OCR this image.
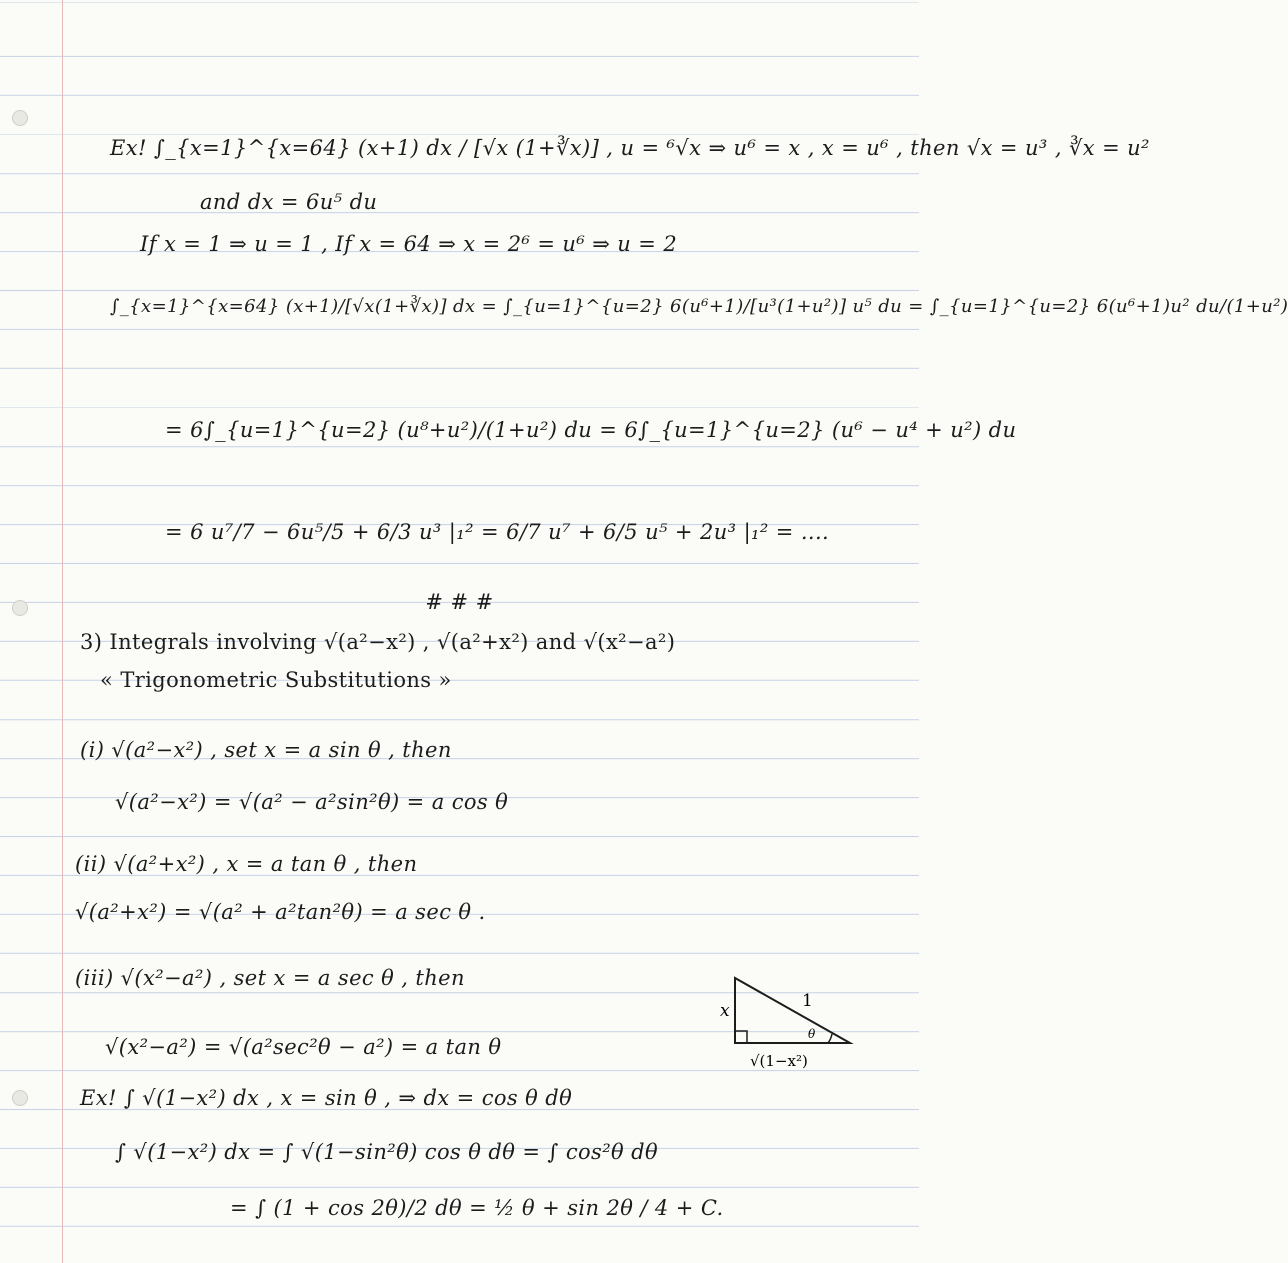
Ex! ∫_{x=1}^{x=64} (x+1) dx / [√x (1+∛x)] , u = ⁶√x ⇒ u⁶ = x , x = u⁶ , then √x = u³ , ∛x = u²
and dx = 6u⁵ du
If x = 1 ⇒ u = 1 , If x = 64 ⇒ x = 2⁶ = u⁶ ⇒ u = 2
∫_{x=1}^{x=64} (x+1)/[√x(1+∛x)] dx = ∫_{u=1}^{u=2} 6(u⁶+1)/[u³(1+u²)] u⁵ du = ∫_{u=1}^{u=2} 6(u⁶+1)u² du/(1+u²)
= 6∫_{u=1}^{u=2} (u⁸+u²)/(1+u²) du = 6∫_{u=1}^{u=2} (u⁶ − u⁴ + u²) du
= 6 u⁷/7 − 6u⁵/5 + 6/3 u³ |₁² = 6/7 u⁷ + 6/5 u⁵ + 2u³ |₁² = ....
# # #
3) Integrals involving √(a²−x²) , √(a²+x²) and √(x²−a²)
« Trigonometric Substitutions »
(i) √(a²−x²) , set x = a sin θ , then
√(a²−x²) = √(a² − a²sin²θ) = a cos θ
(ii) √(a²+x²) , x = a tan θ , then
√(a²+x²) = √(a² + a²tan²θ) = a sec θ .
(iii) √(x²−a²) , set x = a sec θ , then
√(x²−a²) = √(a²sec²θ − a²) = a tan θ
Ex! ∫ √(1−x²) dx , x = sin θ , ⇒ dx = cos θ dθ
∫ √(1−x²) dx = ∫ √(1−sin²θ) cos θ dθ = ∫ cos²θ dθ
= ∫ (1 + cos 2θ)/2 dθ = ½ θ + sin 2θ / 4 + C.
x	1
θ
√(1−x²)
